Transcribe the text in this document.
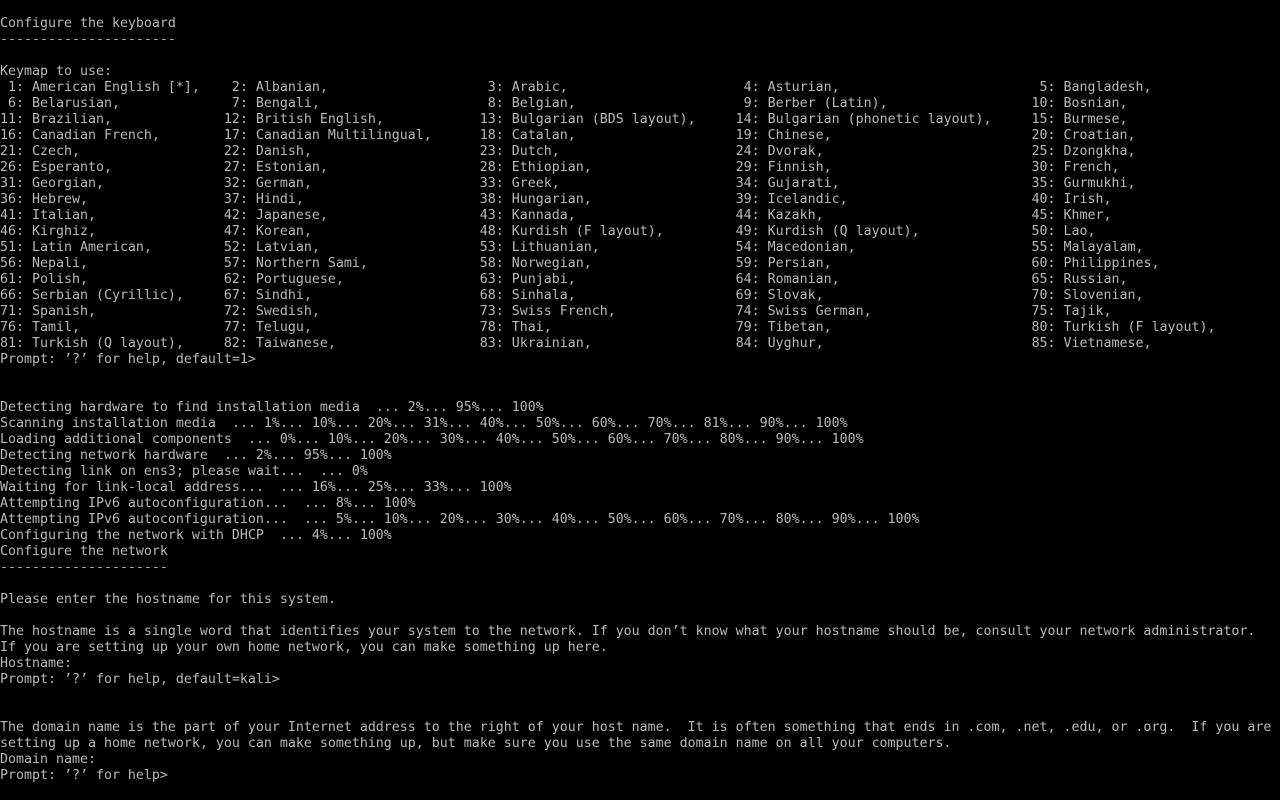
Configure the keyboard
----------------------
Keymap to use:
1: American English [*],    2: Albanian,	3: Arabic,	4: Asturian,	5: Bangladesh,
6: Belarusian,	7: Bengali,	8: Belgian,	9: Berber (Latin),	10: Bosnian,
11: Brazilian,	12: British English,	13: Bulgarian (BDS layout),	14: Bulgarian (phonetic layout),	15: Burmese,
16: Canadian French,	17: Canadian Multilingual,	18: Catalan,	19: Chinese,	20: Croatian,
21: Czech,	22: Danish,	23: Dutch,	24: Dvorak,	25: Dzongkha,
26: Esperanto,	27: Estonian,	28: Ethiopian,	29: Finnish,	30: French,
31: Georgian,	32: German,	33: Greek,	34: Gujarati,	35: Gurmukhi,
36: Hebrew,	37: Hindi,	38: Hungarian,	39: Icelandic,	40: Irish,
41: Italian,	42: Japanese,	43: Kannada,	44: Kazakh,	45: Khmer,
46: Kirghiz,	47: Korean,	48: Kurdish (F layout),	49: Kurdish (Q layout),	50: Lao,
51: Latin American,	52: Latvian,	53: Lithuanian,	54: Macedonian,	55: Malayalam,
56: Nepali,	57: Northern Sami,	58: Norwegian,	59: Persian,	60: Philippines,
61: Polish,	62: Portuguese,	63: Punjabi,	64: Romanian,	65: Russian,
66: Serbian (Cyrillic),	67: Sindhi,	68: Sinhala,	69: Slovak,	70: Slovenian,
71: Spanish,	72: Swedish,	73: Swiss French,	74: Swiss German,	75: Tajik,
76: Tamil,	77: Telugu,	78: Thai,	79: Tibetan,	80: Turkish (F layout),
81: Turkish (Q layout),	82: Taiwanese,	83: Ukrainian,	84: Uyghur,	85: Vietnamese,
Prompt: ’?’ for help, default=1>
Detecting hardware to find installation media  ... 2%... 95%... 100%
Scanning installation media  ... 1%... 10%... 20%... 31%... 40%... 50%... 60%... 70%... 81%... 90%... 100%
Loading additional components  ... 0%... 10%... 20%... 30%... 40%... 50%... 60%... 70%... 80%... 90%... 100%
Detecting network hardware  ... 2%... 95%... 100%
Detecting link on ens3; please wait...  ... 0%
Waiting for link-local address...  ... 16%... 25%... 33%... 100%
Attempting IPv6 autoconfiguration...  ... 8%... 100%
Attempting IPv6 autoconfiguration...  ... 5%... 10%... 20%... 30%... 40%... 50%... 60%... 70%... 80%... 90%... 100%
Configuring the network with DHCP  ... 4%... 100%
Configure the network
---------------------
Please enter the hostname for this system.
The hostname is a single word that identifies your system to the network. If you don’t know what your hostname should be, consult your network administrator.
If you are setting up your own home network, you can make something up here.
Hostname:
Prompt: ’?’ for help, default=kali>
The domain name is the part of your Internet address to the right of your host name.  It is often something that ends in .com, .net, .edu, or .org.  If you are
setting up a home network, you can make something up, but make sure you use the same domain name on all your computers.
Domain name:
Prompt: ’?’ for help>
